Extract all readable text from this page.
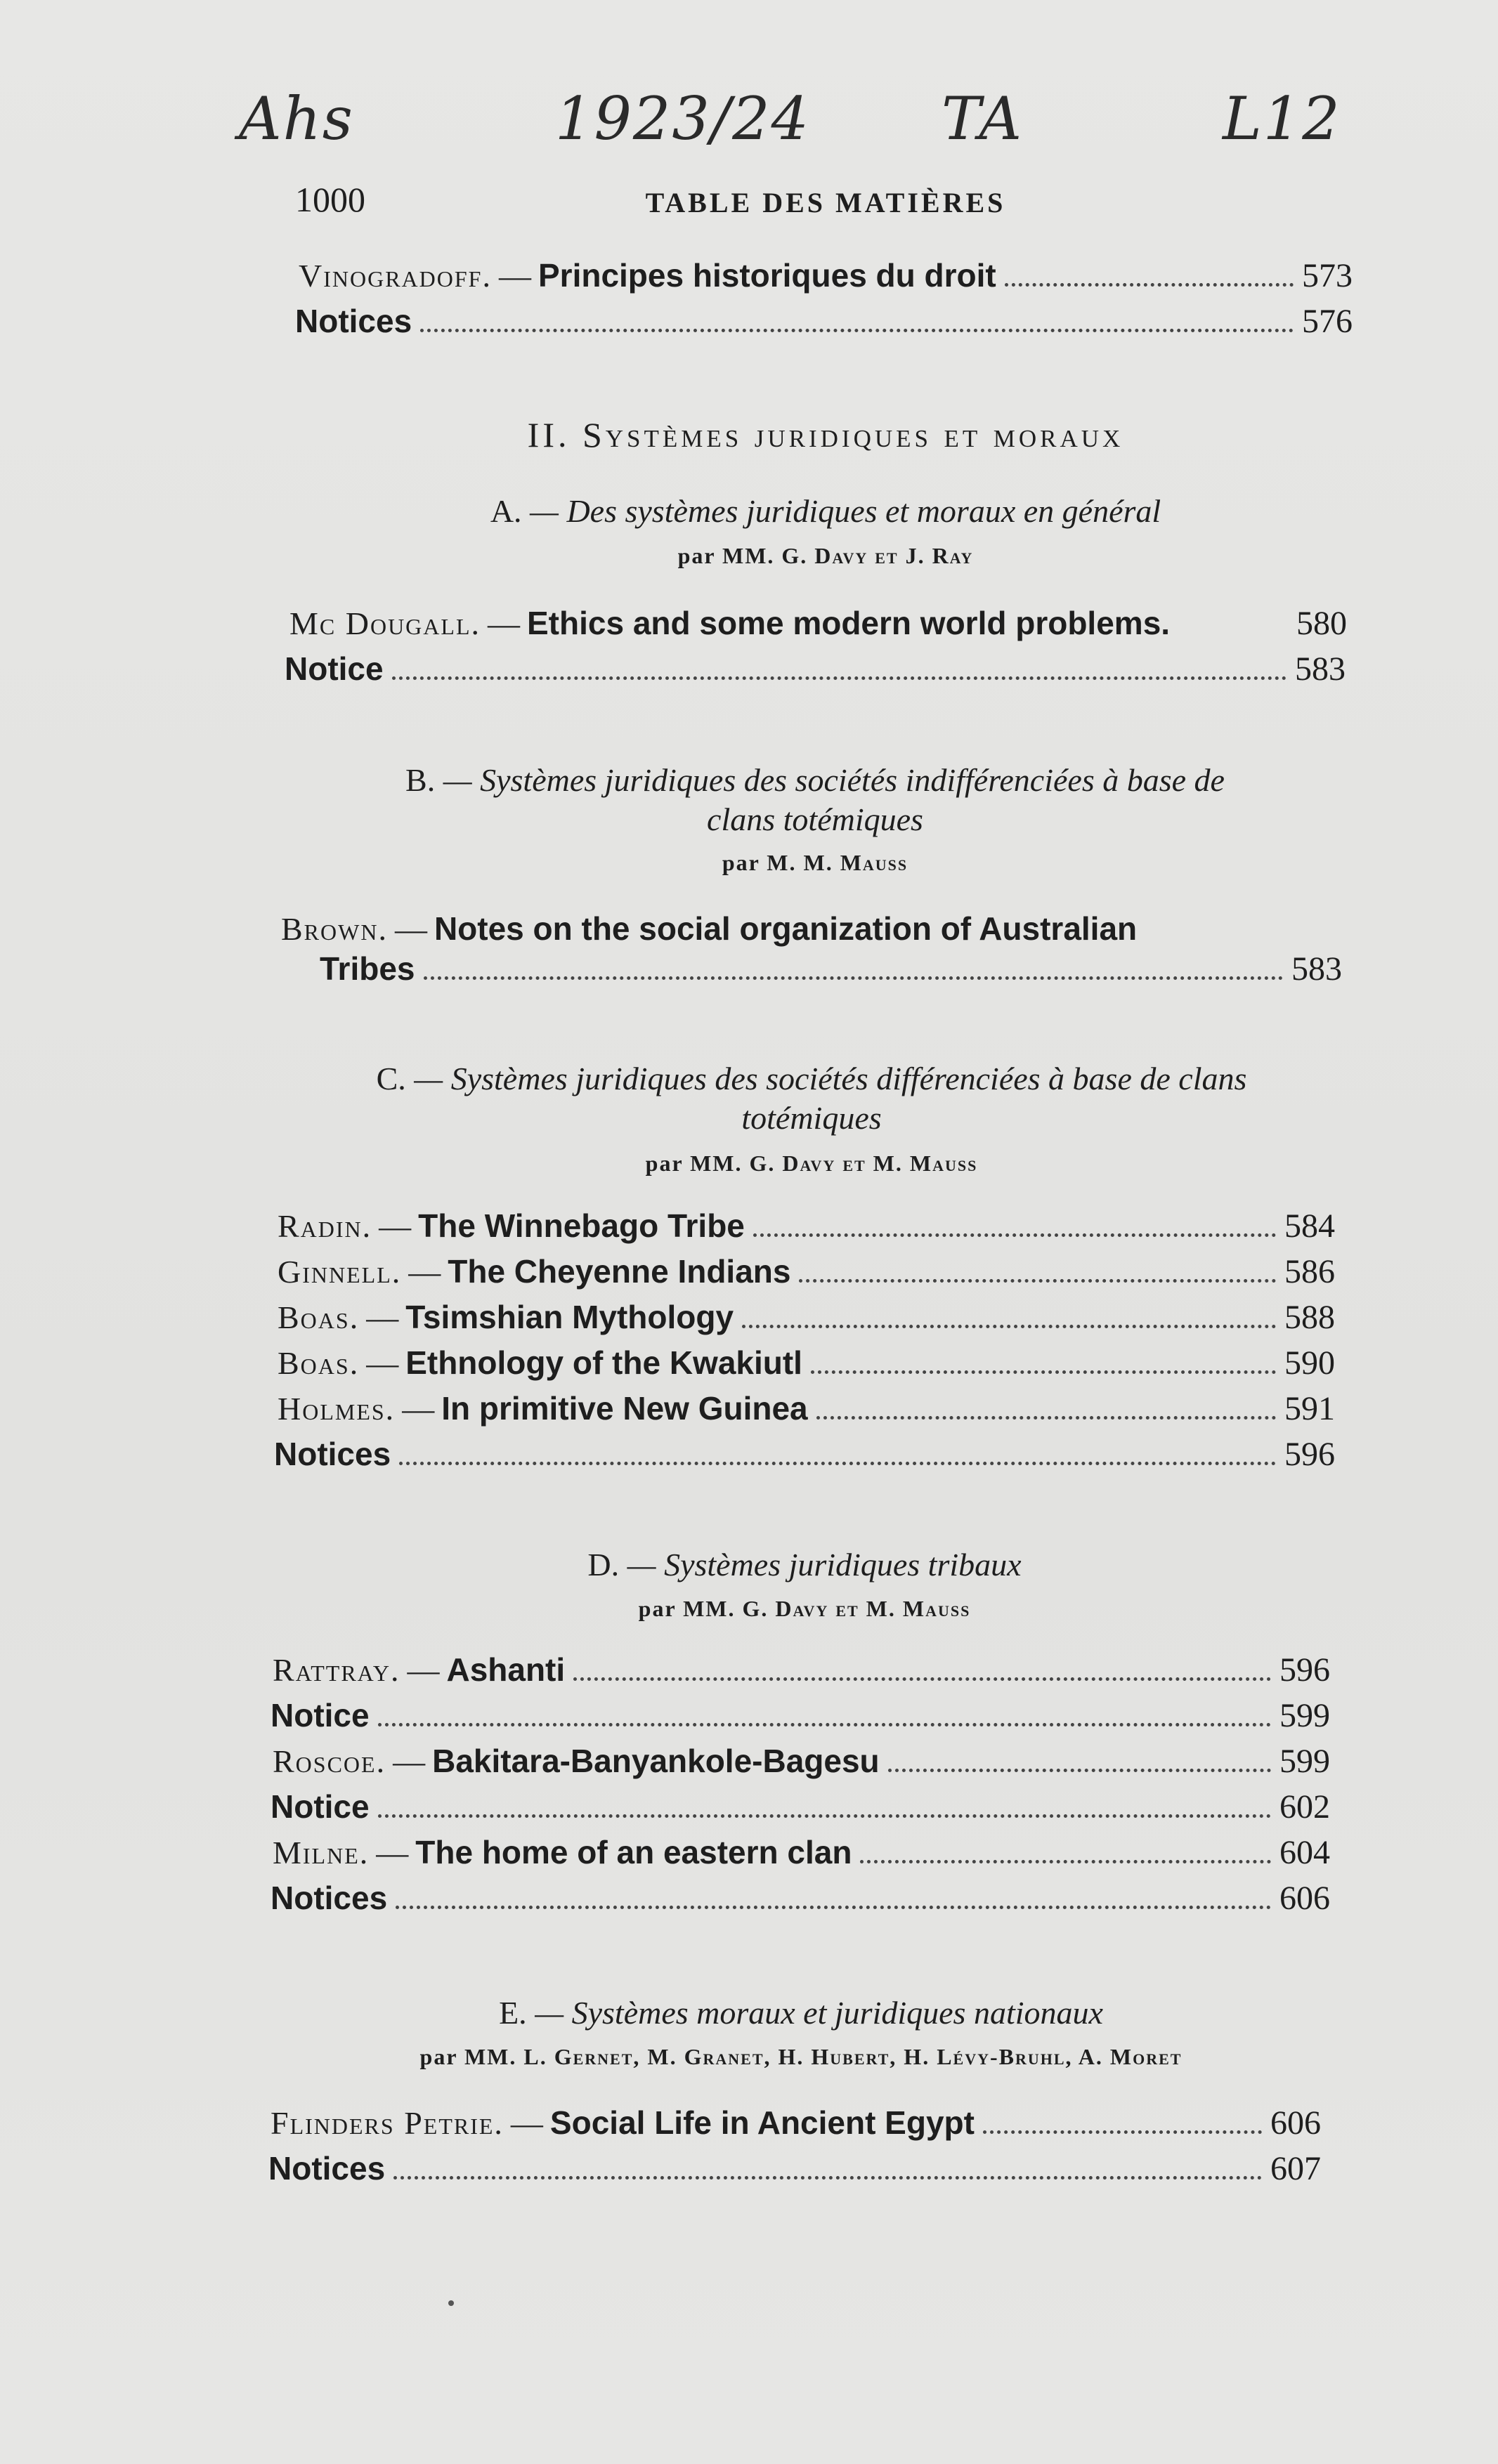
Ahs	1923/24 TA	L12
1000	TABLE DES MATIÈRES
Vinogradoff. — Principes historiques du droit	573
Notices	576
II. Systèmes juridiques et moraux
A. — Des systèmes juridiques et moraux en général
par MM. G. Davy et J. Ray
Mc Dougall. — Ethics and some modern world problems.	580
Notice	583
B. — Systèmes juridiques des sociétés indifférenciées à base de
clans totémiques
par M. M. Mauss
Brown. — Notes on the social organization of Australian
Tribes	583
C. — Systèmes juridiques des sociétés différenciées à base de clans
totémiques
par MM. G. Davy et M. Mauss
Radin. — The Winnebago Tribe	584
Ginnell. — The Cheyenne Indians	586
Boas. — Tsimshian Mythology	588
Boas. — Ethnology of the Kwakiutl	590
Holmes. — In primitive New Guinea	591
Notices	596
D. — Systèmes juridiques tribaux
par MM. G. Davy et M. Mauss
Rattray. — Ashanti	596
Notice	599
Roscoe. — Bakitara-Banyankole-Bagesu	599
Notice	602
Milne. — The home of an eastern clan	604
Notices	606
E. — Systèmes moraux et juridiques nationaux
par MM. L. Gernet, M. Granet, H. Hubert, H. Lévy-Bruhl, A. Moret
Flinders Petrie. — Social Life in Ancient Egypt	606
Notices	607
